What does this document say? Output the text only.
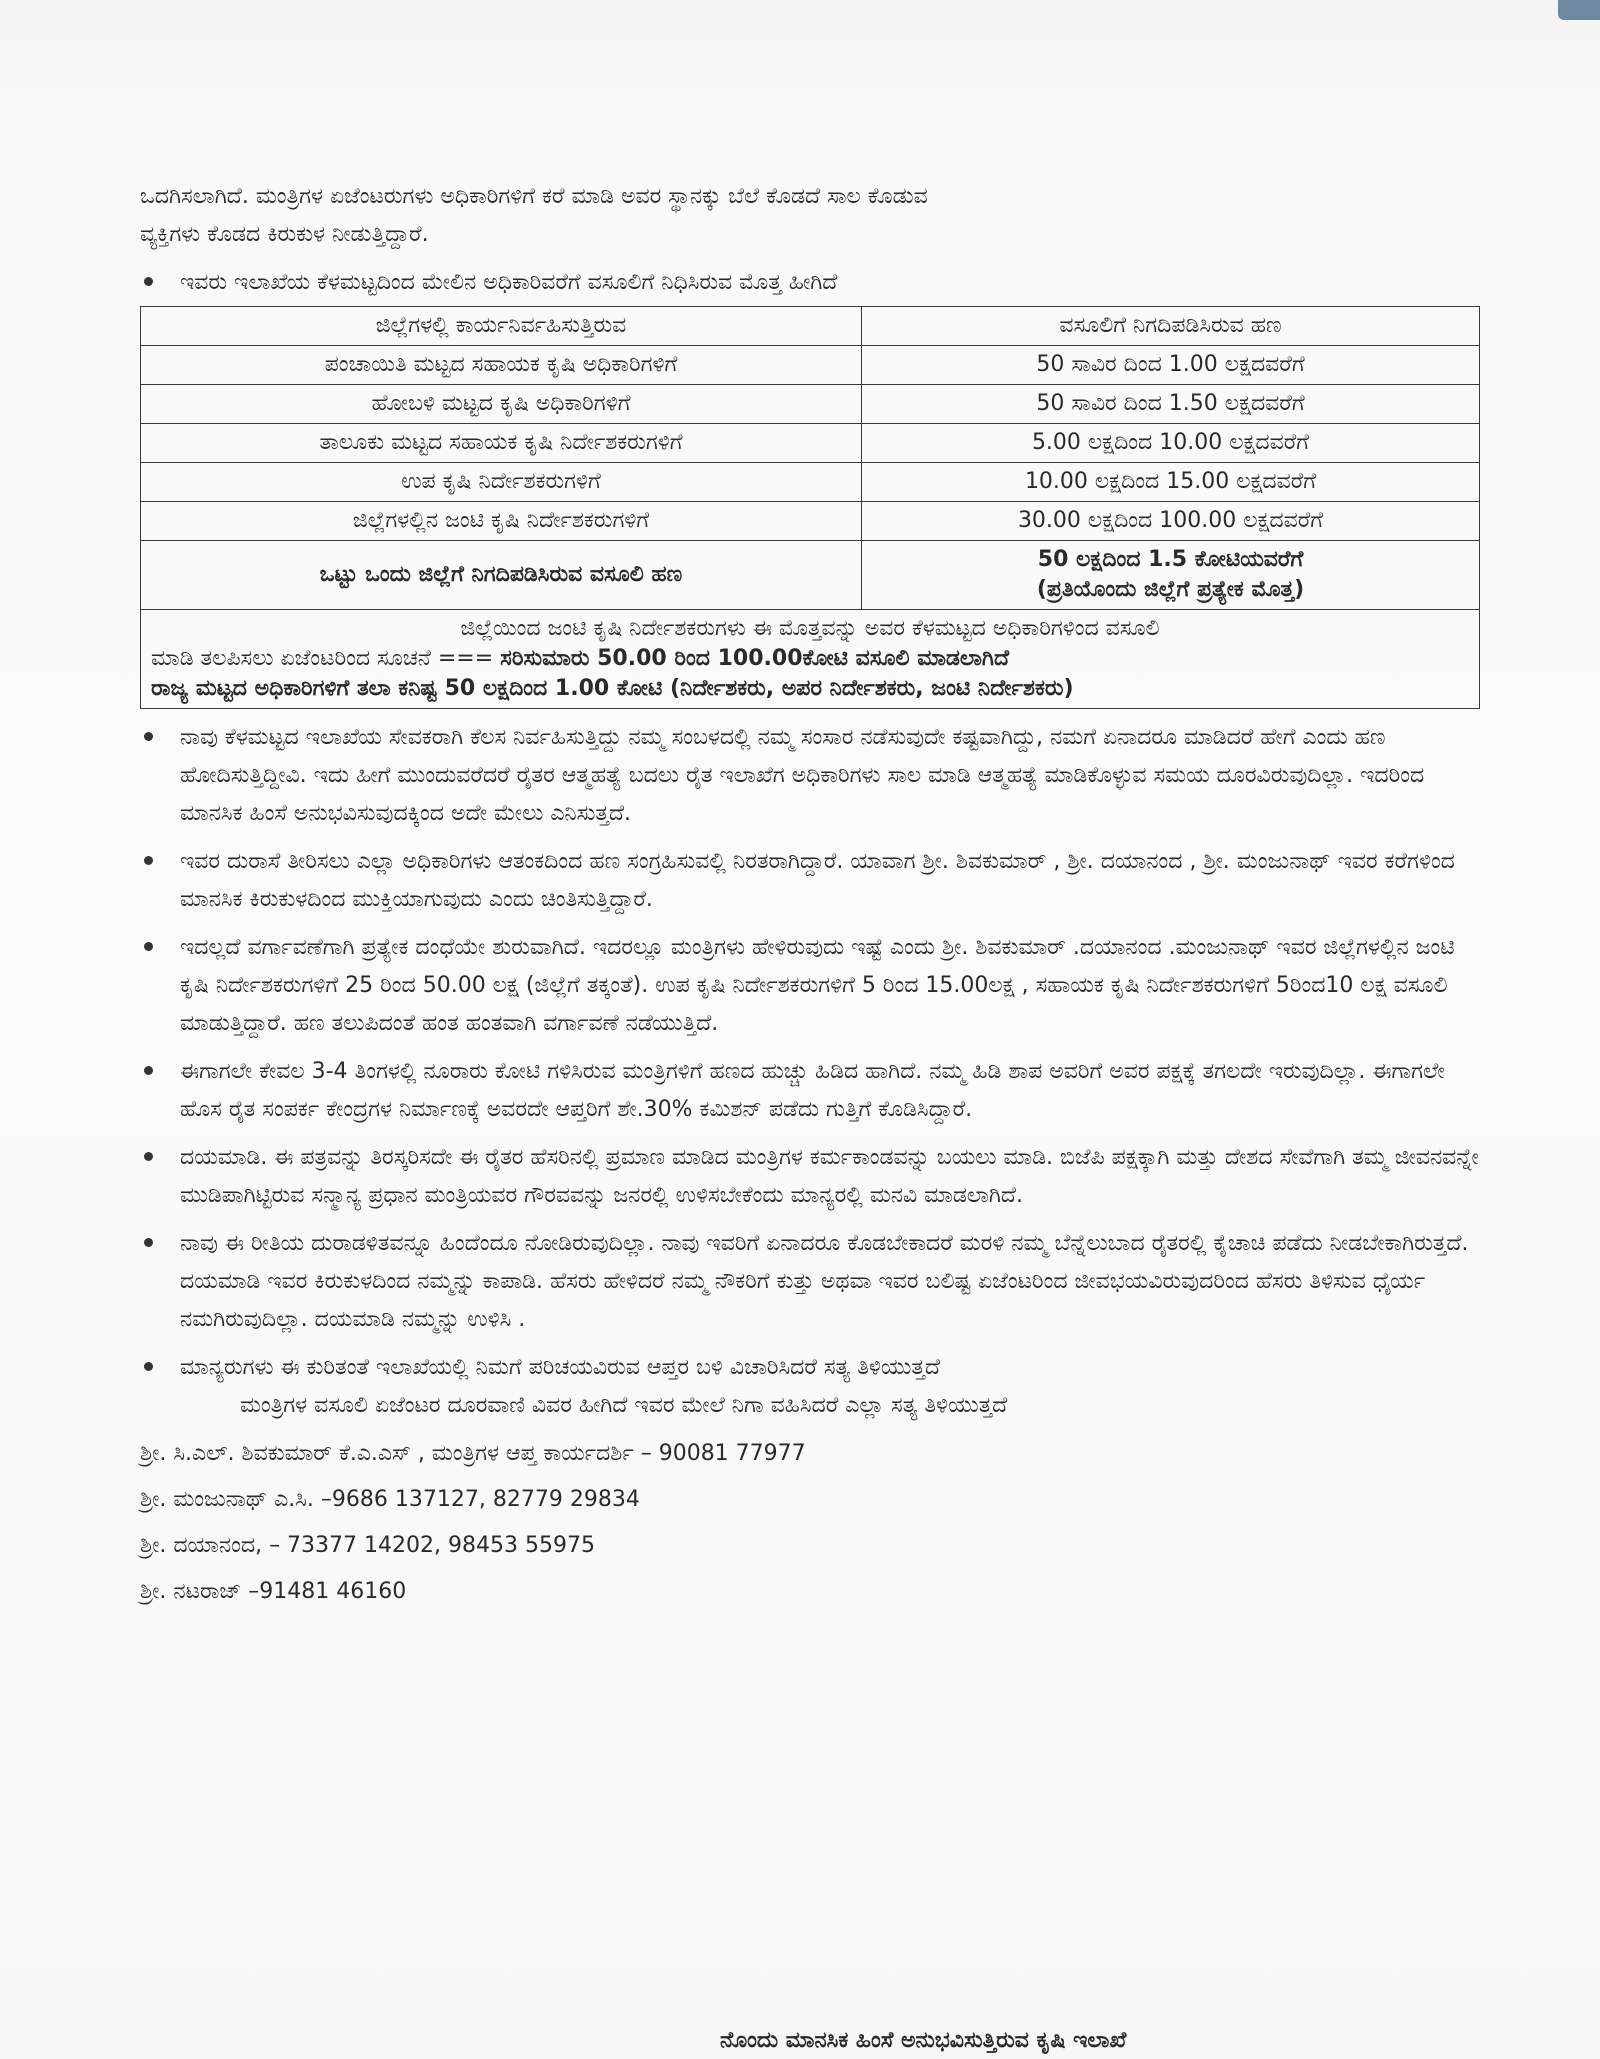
ಒದಗಿಸಲಾಗಿದೆ. ಮಂತ್ರಿಗಳ ಏಜೆಂಟರುಗಳು ಅಧಿಕಾರಿಗಳಿಗೆ ಕರೆ ಮಾಡಿ ಅವರ ಸ್ಥಾನಕ್ಕು ಬೆಲೆ ಕೊಡದೆ ಸಾಲ ಕೊಡುವ

ವ್ಯಕ್ತಿಗಳು ಕೊಡದ ಕಿರುಕುಳ ನೀಡುತ್ತಿದ್ದಾರೆ.

ಇವರು ಇಲಾಖೆಯ ಕೆಳಮಟ್ಟದಿಂದ ಮೇಲಿನ ಅಧಿಕಾರಿವರೆಗೆ ವಸೂಲಿಗೆ ನಿಧಿಸಿರುವ ಮೊತ್ತ ಹೀಗಿದೆ
ಜಿಲ್ಲೆಗಳಲ್ಲಿ ಕಾರ್ಯನಿರ್ವಹಿಸುತ್ತಿರುವ	ವಸೂಲಿಗೆ ನಿಗದಿಪಡಿಸಿರುವ ಹಣ
ಪಂಚಾಯಿತಿ ಮಟ್ಟದ ಸಹಾಯಕ ಕೃಷಿ ಅಧಿಕಾರಿಗಳಿಗೆ	50 ಸಾವಿರ ದಿಂದ 1.00 ಲಕ್ಷದವರೆಗೆ
ಹೋಬಳಿ ಮಟ್ಟದ ಕೃಷಿ ಅಧಿಕಾರಿಗಳಿಗೆ	50 ಸಾವಿರ ದಿಂದ 1.50 ಲಕ್ಷದವರೆಗೆ
ತಾಲೂಕು ಮಟ್ಟದ ಸಹಾಯಕ ಕೃಷಿ ನಿರ್ದೇಶಕರುಗಳಿಗೆ	5.00 ಲಕ್ಷದಿಂದ 10.00 ಲಕ್ಷದವರೆಗೆ
ಉಪ ಕೃಷಿ ನಿರ್ದೇಶಕರುಗಳಿಗೆ	10.00 ಲಕ್ಷದಿಂದ 15.00 ಲಕ್ಷದವರೆಗೆ
ಜಿಲ್ಲೆಗಳಲ್ಲಿನ ಜಂಟಿ ಕೃಷಿ ನಿರ್ದೇಶಕರುಗಳಿಗೆ	30.00 ಲಕ್ಷದಿಂದ 100.00 ಲಕ್ಷದವರೆಗೆ
ಒಟ್ಟು ಒಂದು ಜಿಲ್ಲೆಗೆ ನಿಗದಿಪಡಿಸಿರುವ ವಸೂಲಿ ಹಣ	50 ಲಕ್ಷದಿಂದ 1.5 ಕೋಟಿಯವರೆಗೆ
(ಪ್ರತಿಯೊಂದು ಜಿಲ್ಲೆಗೆ ಪ್ರತ್ಯೇಕ ಮೊತ್ತ)

ಜಿಲ್ಲೆಯಿಂದ ಜಂಟಿ ಕೃಷಿ ನಿರ್ದೇಶಕರುಗಳು ಈ ಮೊತ್ತವನ್ನು ಅವರ ಕೆಳಮಟ್ಟದ ಅಧಿಕಾರಿಗಳಿಂದ ವಸೂಲಿ
ಮಾಡಿ ತಲಪಿಸಲು ಏಜೆಂಟರಿಂದ ಸೂಚನೆ === ಸರಿಸುಮಾರು 50.00 ರಿಂದ 100.00ಕೋಟಿ ವಸೂಲಿ ಮಾಡಲಾಗಿದೆ
ರಾಜ್ಯ ಮಟ್ಟದ ಅಧಿಕಾರಿಗಳಿಗೆ ತಲಾ ಕನಿಷ್ಟ 50 ಲಕ್ಷದಿಂದ 1.00 ಕೋಟಿ (ನಿರ್ದೇಶಕರು, ಅಪರ ನಿರ್ದೇಶಕರು, ಜಂಟಿ ನಿರ್ದೇಶಕರು)	

ನಾವು ಕೆಳಮಟ್ಟದ ಇಲಾಖೆಯ ಸೇವಕರಾಗಿ ಕೆಲಸ ನಿರ್ವಹಿಸುತ್ತಿದ್ದು ನಮ್ಮ ಸಂಬಳದಲ್ಲಿ ನಮ್ಮ ಸಂಸಾರ ನಡೆಸುವುದೇ ಕಷ್ಟವಾಗಿದ್ದು, ನಮಗೆ ಏನಾದರೂ ಮಾಡಿದರೆ ಹೇಗೆ ಎಂದು ಹಣ ಹೋದಿಸುತ್ತಿದ್ದೀವಿ. ಇದು ಹೀಗೆ ಮುಂದುವರೆದರೆ ರೈತರ ಆತ್ಮಹತ್ಯೆ ಬದಲು ರೈತ ಇಲಾಖೆಗ ಅಧಿಕಾರಿಗಳು ಸಾಲ ಮಾಡಿ ಆತ್ಮಹತ್ಯೆ ಮಾಡಿಕೊಳ್ಳುವ ಸಮಯ ದೂರವಿರುವುದಿಲ್ಲಾ. ಇದರಿಂದ ಮಾನಸಿಕ ಹಿಂಸೆ ಅನುಭವಿಸುವುದಕ್ಕಿಂದ ಅದೇ ಮೇಲು ಎನಿಸುತ್ತದೆ.

ಇವರ ದುರಾಸೆ ತೀರಿಸಲು ಎಲ್ಲಾ ಅಧಿಕಾರಿಗಳು ಆತಂಕದಿಂದ ಹಣ ಸಂಗ್ರಹಿಸುವಲ್ಲಿ ನಿರತರಾಗಿದ್ದಾರೆ. ಯಾವಾಗ ಶ್ರೀ. ಶಿವಕುಮಾರ್ , ಶ್ರೀ. ದಯಾನಂದ , ಶ್ರೀ. ಮಂಜುನಾಥ್ ಇವರ ಕರೆಗಳಿಂದ ಮಾನಸಿಕ ಕಿರುಕುಳದಿಂದ ಮುಕ್ತಿಯಾಗುವುದು ಎಂದು ಚಿಂತಿಸುತ್ತಿದ್ದಾರೆ.

ಇದಲ್ಲದೆ ವರ್ಗಾವಣೆಗಾಗಿ ಪ್ರತ್ಯೇಕ ದಂಧೆಯೇ ಶುರುವಾಗಿದೆ. ಇದರಲ್ಲೂ ಮಂತ್ರಿಗಳು ಹೇಳಿರುವುದು ಇಷ್ಟೆ ಎಂದು ಶ್ರೀ. ಶಿವಕುಮಾರ್ .ದಯಾನಂದ .ಮಂಜುನಾಥ್ ಇವರ ಜಿಲ್ಲೆಗಳಲ್ಲಿನ ಜಂಟಿ ಕೃಷಿ ನಿರ್ದೇಶಕರುಗಳಿಗೆ 25 ರಿಂದ 50.00 ಲಕ್ಷ (ಜಿಲ್ಲೆಗೆ ತಕ್ಕಂತೆ). ಉಪ ಕೃಷಿ ನಿರ್ದೇಶಕರುಗಳಿಗೆ 5 ರಿಂದ 15.00ಲಕ್ಷ , ಸಹಾಯಕ ಕೃಷಿ ನಿರ್ದೇಶಕರುಗಳಿಗೆ 5ರಿಂದ10 ಲಕ್ಷ ವಸೂಲಿ ಮಾಡುತ್ತಿದ್ದಾರೆ. ಹಣ ತಲುಪಿದಂತೆ ಹಂತ ಹಂತವಾಗಿ ವರ್ಗಾವಣೆ ನಡೆಯುತ್ತಿದೆ.

ಈಗಾಗಲೇ ಕೇವಲ 3-4 ತಿಂಗಳಲ್ಲಿ ನೂರಾರು ಕೋಟಿ ಗಳಿಸಿರುವ ಮಂತ್ರಿಗಳಿಗೆ ಹಣದ ಹುಚ್ಚು ಹಿಡಿದ ಹಾಗಿದೆ. ನಮ್ಮ ಹಿಡಿ ಶಾಪ ಅವರಿಗೆ ಅವರ ಪಕ್ಷಕ್ಕೆ ತಗಲದೇ ಇರುವುದಿಲ್ಲಾ. ಈಗಾಗಲೇ ಹೊಸ ರೈತ ಸಂಪರ್ಕ ಕೇಂದ್ರಗಳ ನಿರ್ಮಾಣಕ್ಕೆ ಅವರದೇ ಆಪ್ತರಿಗೆ ಶೇ.30% ಕಮಿಶನ್ ಪಡೆದು ಗುತ್ತಿಗೆ ಕೊಡಿಸಿದ್ದಾರೆ.

ದಯಮಾಡಿ. ಈ ಪತ್ರವನ್ನು ತಿರಸ್ಕರಿಸದೇ ಈ ರೈತರ ಹೆಸರಿನಲ್ಲಿ ಪ್ರಮಾಣ ಮಾಡಿದ ಮಂತ್ರಿಗಳ ಕರ್ಮಕಾಂಡವನ್ನು ಬಯಲು ಮಾಡಿ. ಬಿಜೆಪಿ ಪಕ್ಷಕ್ಕಾಗಿ ಮತ್ತು ದೇಶದ ಸೇವೆಗಾಗಿ ತಮ್ಮ ಜೀವನವನ್ನೇ ಮುಡಿಪಾಗಿಟ್ಟಿರುವ ಸನ್ಮಾನ್ಯ ಪ್ರಧಾನ ಮಂತ್ರಿಯವರ ಗೌರವವನ್ನು ಜನರಲ್ಲಿ ಉಳಿಸಬೇಕೆಂದು ಮಾನ್ಯರಲ್ಲಿ ಮನವಿ ಮಾಡಲಾಗಿದೆ.

ನಾವು ಈ ರೀತಿಯ ದುರಾಡಳಿತವನ್ನೂ ಹಿಂದೆಂದೂ ನೋಡಿರುವುದಿಲ್ಲಾ. ನಾವು ಇವರಿಗೆ ಏನಾದರೂ ಕೊಡಬೇಕಾದರೆ ಮರಳಿ ನಮ್ಮ ಬೆನ್ನೆಲುಬಾದ ರೈತರಲ್ಲಿ ಕೈಚಾಚಿ ಪಡೆದು ನೀಡಬೇಕಾಗಿರುತ್ತದೆ. ದಯಮಾಡಿ ಇವರ ಕಿರುಕುಳದಿಂದ ನಮ್ಮನ್ನು ಕಾಪಾಡಿ. ಹೆಸರು ಹೇಳಿದರೆ ನಮ್ಮ ನೌಕರಿಗೆ ಕುತ್ತು ಅಥವಾ ಇವರ ಬಲಿಷ್ಟ ಏಜೆಂಟರಿಂದ ಜೀವಭಯವಿರುವುದರಿಂದ ಹೆಸರು ತಿಳಿಸುವ ಧೈರ್ಯ ನಮಗಿರುವುದಿಲ್ಲಾ. ದಯಮಾಡಿ ನಮ್ಮನ್ನು ಉಳಿಸಿ .

ಮಾನ್ಯರುಗಳು ಈ ಕುರಿತಂತೆ ಇಲಾಖೆಯಲ್ಲಿ ನಿಮಗೆ ಪರಿಚಯವಿರುವ ಆಪ್ತರ ಬಳಿ ವಿಚಾರಿಸಿದರೆ ಸತ್ಯ ತಿಳಿಯುತ್ತದೆ

ಮಂತ್ರಿಗಳ ವಸೂಲಿ ಏಜೆಂಟರ ದೂರವಾಣಿ ವಿವರ ಹೀಗಿದೆ ಇವರ ಮೇಲೆ ನಿಗಾ ವಹಿಸಿದರೆ ಎಲ್ಲಾ ಸತ್ಯ ತಿಳಿಯುತ್ತದೆ

ಶ್ರೀ. ಸಿ.ಎಲ್. ಶಿವಕುಮಾರ್ ಕೆ.ಎ.ಎಸ್ , ಮಂತ್ರಿಗಳ ಆಪ್ತ ಕಾರ್ಯದರ್ಶಿ – 90081 77977

ಶ್ರೀ. ಮಂಜುನಾಥ್ ಎ.ಸಿ. –9686 137127, 82779 29834

ಶ್ರೀ. ದಯಾನಂದ, – 73377 14202, 98453 55975

ಶ್ರೀ. ನಟರಾಜ್ –91481 46160

ನೊಂದು ಮಾನಸಿಕ ಹಿಂಸೆ ಅನುಭವಿಸುತ್ತಿರುವ ಕೃಷಿ ಇಲಾಖೆ
